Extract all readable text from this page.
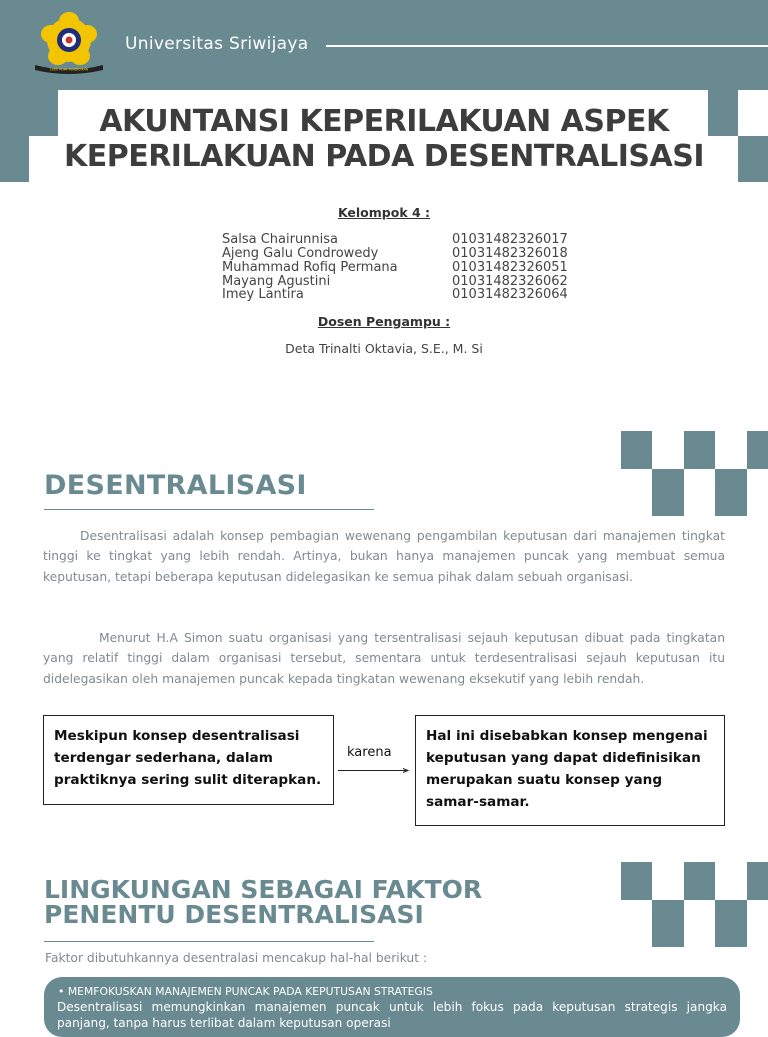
SUKU KUAT PENDIDIKAN
Universitas Sriwijaya
AKUNTANSI KEPERILAKUAN ASPEK
KEPERILAKUAN PADA DESENTRALISASI
Kelompok 4 :
Salsa Chairunnisa	01031482326017
Ajeng Galu Condrowedy	01031482326018
Muhammad Rofiq Permana	01031482326051
Mayang Agustini	01031482326062
Imey Lantira	01031482326064
Dosen Pengampu :
Deta Trinalti Oktavia, S.E., M. Si
DESENTRALISASI
Desentralisasi adalah konsep pembagian wewenang pengambilan keputusan dari manajemen tingkat tinggi ke tingkat yang lebih rendah. Artinya, bukan hanya manajemen puncak yang membuat semua keputusan, tetapi beberapa keputusan didelegasikan ke semua pihak dalam sebuah organisasi.
Menurut H.A Simon suatu organisasi yang tersentralisasi sejauh keputusan dibuat pada tingkatan yang relatif tinggi dalam organisasi tersebut, sementara untuk terdesentralisasi sejauh keputusan itu didelegasikan oleh manajemen puncak kepada tingkatan wewenang eksekutif yang lebih rendah.
Meskipun konsep desentralisasi terdengar sederhana, dalam praktiknya sering sulit diterapkan.
karena
Hal ini disebabkan konsep mengenai keputusan yang dapat didefinisikan merupakan suatu konsep yang samar-samar.
LINGKUNGAN SEBAGAI FAKTOR
PENENTU DESENTRALISASI
Faktor dibutuhkannya desentralasi mencakup hal-hal berikut :
• MEMFOKUSKAN MANAJEMEN PUNCAK PADA KEPUTUSAN STRATEGIS
Desentralisasi memungkinkan manajemen puncak untuk lebih fokus pada keputusan strategis jangka panjang, tanpa harus terlibat dalam keputusan operasi
